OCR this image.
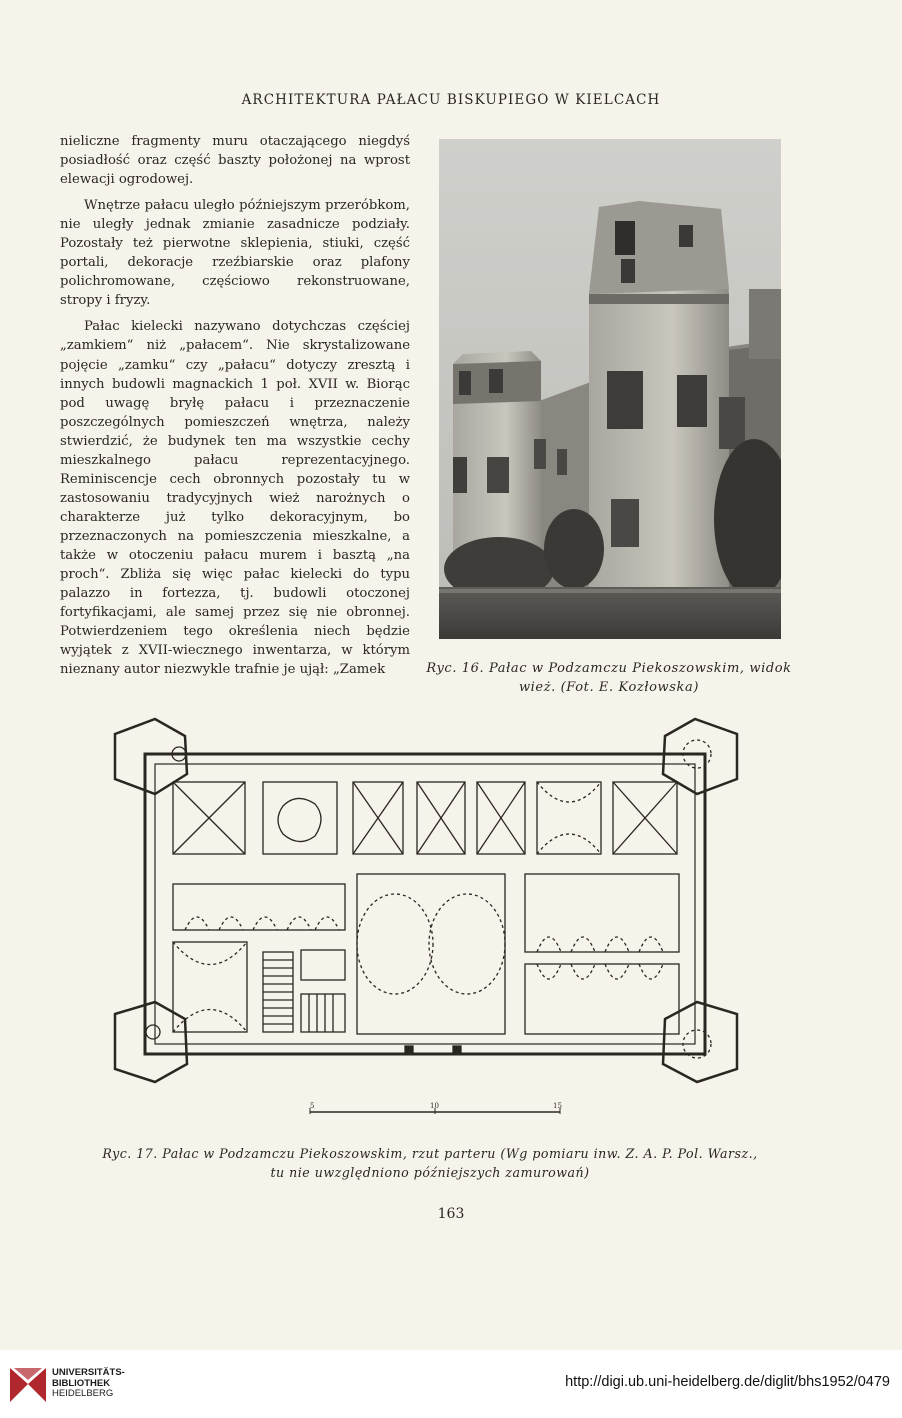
ARCHITEKTURA PAŁACU BISKUPIEGO W KIELCACH

nieliczne fragmenty muru otaczającego niegdyś posiadłość oraz część baszty położonej na wprost elewacji ogrodowej.

Wnętrze pałacu uległo późniejszym przeróbkom, nie uległy jednak zmianie zasadnicze podziały. Pozostały też pierwotne sklepienia, stiuki, część portali, dekoracje rzeźbiarskie oraz plafony polichromowane, częściowo rekonstruowane, stropy i fryzy.

Pałac kielecki nazywano dotychczas częściej „zamkiem“ niż „pałacem“. Nie skrystalizowane pojęcie „zamku“ czy „pałacu“ dotyczy zresztą i innych budowli magnackich 1 poł. XVII w. Biorąc pod uwagę bryłę pałacu i przeznaczenie poszczególnych pomieszczeń wnętrza, należy stwierdzić, że budynek ten ma wszystkie cechy mieszkalnego pałacu reprezentacyjnego. Reminiscencje cech obronnych pozostały tu w zastosowaniu tradycyjnych wież narożnych o charakterze już tylko dekoracyjnym, bo przeznaczonych na pomieszczenia mieszkalne, a także w otoczeniu pałacu murem i basztą „na proch“. Zbliża się więc pałac kielecki do typu palazzo in fortezza, tj. budowli otoczonej fortyfikacjami, ale samej przez się nie obronnej. Potwierdzeniem tego określenia niech będzie wyjątek z XVII-wiecznego inwentarza, w którym nieznany autor niezwykle trafnie je ujął: „Zamek	Ryc. 16. Pałac w Podzamczu Piekoszowskim, widok wież. (Fot. E. Kozłowska)
5	10	15
Ryc. 17. Pałac w Podzamczu Piekoszowskim, rzut parteru (Wg pomiaru inw. Z. A. P. Pol. Warsz., tu nie uwzględniono późniejszych zamurowań)
163
UNIVERSITÄTS-
BIBLIOTHEK
HEIDELBERG
http://digi.ub.uni-heidelberg.de/diglit/bhs1952/0479
